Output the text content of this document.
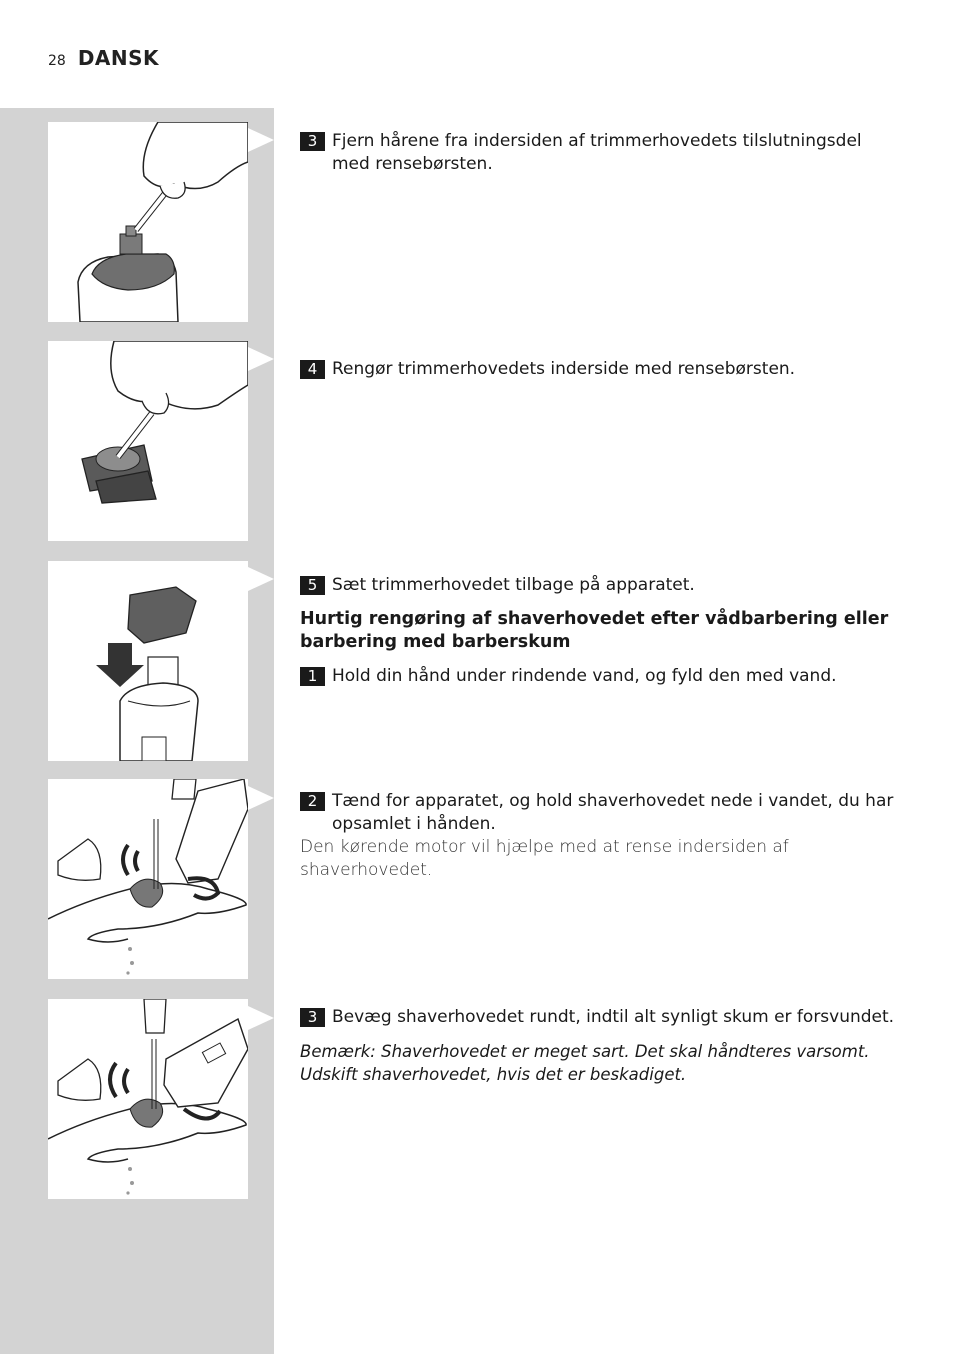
28 DANSK
3 Fjern hårene fra indersiden af trimmerhovedets tilslutningsdel med rensebørsten.
4 Rengør trimmerhovedets inderside med rensebørsten.
5 Sæt trimmerhovedet tilbage på apparatet.
Hurtig rengøring af shaverhovedet efter vådbarbering eller barbering med barberskum
1 Hold din hånd under rindende vand, og fyld den med vand.
2 Tænd for apparatet, og hold shaverhovedet nede i vandet, du har opsamlet i hånden.
Den kørende motor vil hjælpe med at rense indersiden af shaverhovedet.
3 Bevæg shaverhovedet rundt, indtil alt synligt skum er forsvundet.
Bemærk: Shaverhovedet er meget sart. Det skal håndteres varsomt. Udskift shaverhovedet, hvis det er beskadiget.
